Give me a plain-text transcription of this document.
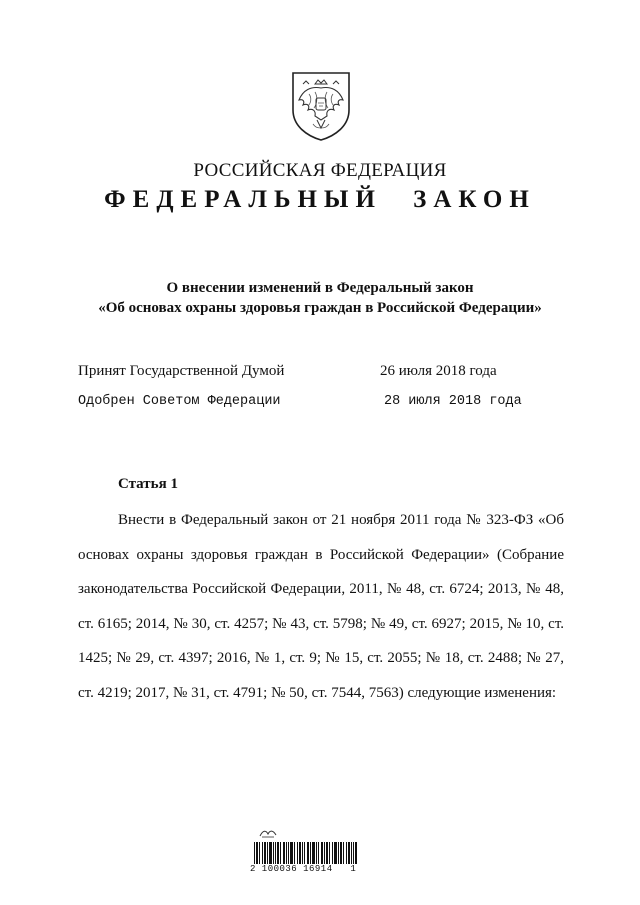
РОССИЙСКАЯ ФЕДЕРАЦИЯ
ФЕДЕРАЛЬНЫЙ ЗАКОН
О внесении изменений в Федеральный закон
«Об основах охраны здоровья граждан в Российской Федерации»
Принят Государственной Думой	26 июля 2018 года
Одобрен Советом Федерации	28 июля 2018 года
Статья 1

Внести в Федеральный закон от 21 ноября 2011 года № 323-ФЗ «Об основах охраны здоровья граждан в Российской Федерации» (Собрание законодательства Российской Федерации, 2011, № 48, ст. 6724; 2013, № 48, ст. 6165; 2014, № 30, ст. 4257; № 43, ст. 5798; № 49, ст. 6927; 2015, № 10, ст. 1425; № 29, ст. 4397; 2016, № 1, ст. 9; № 15, ст. 2055; № 18, ст. 2488; № 27, ст. 4219; 2017, № 31, ст. 4791; № 50, ст. 7544, 7563) следующие изменения:

2 100036 16914   1
